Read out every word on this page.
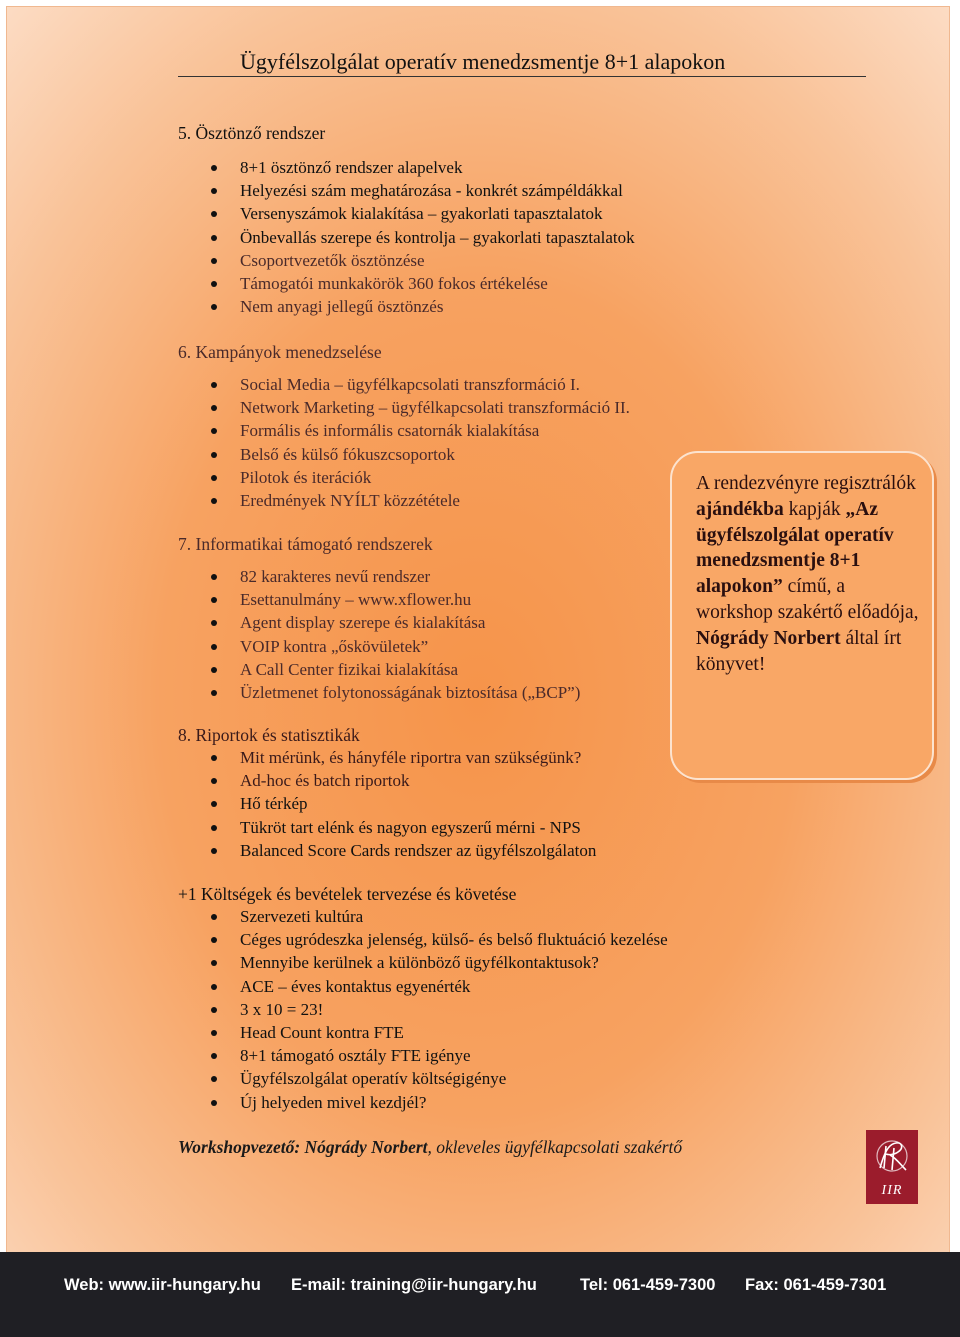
Ügyfélszolgálat operatív menedzsmentje 8+1 alapokon
5. Ösztönző rendszer
8+1 ösztönző rendszer alapelvek
Helyezési szám meghatározása - konkrét számpéldákkal
Versenyszámok kialakítása – gyakorlati tapasztalatok
Önbevallás szerepe és kontrolja – gyakorlati tapasztalatok
Csoportvezetők ösztönzése
Támogatói munkakörök 360 fokos értékelése
Nem anyagi jellegű ösztönzés
6. Kampányok menedzselése
Social Media – ügyfélkapcsolati transzformáció I.
Network Marketing – ügyfélkapcsolati transzformáció II.
Formális és informális csatornák kialakítása
Belső és külső fókuszcsoportok
Pilotok és iterációk
Eredmények NYÍLT közzététele
7. Informatikai támogató rendszerek
82 karakteres nevű rendszer
Esettanulmány – www.xflower.hu
Agent display szerepe és kialakítása
VOIP kontra „őskövületek”
A Call Center fizikai kialakítása
Üzletmenet folytonosságának biztosítása („BCP”)
8. Riportok és statisztikák
Mit mérünk, és hányféle riportra van szükségünk?
Ad-hoc és batch riportok
Hő térkép
Tükröt tart elénk és nagyon egyszerű mérni - NPS
Balanced Score Cards rendszer az ügyfélszolgálaton
+1 Költségek és bevételek tervezése és követése
Szervezeti kultúra
Céges ugródeszka jelenség, külső- és belső fluktuáció kezelése
Mennyibe kerülnek a különböző ügyfélkontaktusok?
ACE – éves kontaktus egyenérték
3 x 10 = 23!
Head Count kontra FTE
8+1 támogató osztály FTE igénye
Ügyfélszolgálat operatív költségigénye
Új helyeden mivel kezdjél?
A rendezvényre regisztrálók ajándékba kapják „Az ügyfélszolgálat operatív menedzsmentje 8+1 alapokon” című, a workshop szakértő előadója, Nógrády Norbert által írt könyvet!
Workshopvezető: Nógrády Norbert, okleveles ügyfélkapcsolati szakértő
IIR
Web: www.iir-hungary.hu E-mail: training@iir-hungary.hu	Tel: 061-459-7300 Fax: 061-459-7301
